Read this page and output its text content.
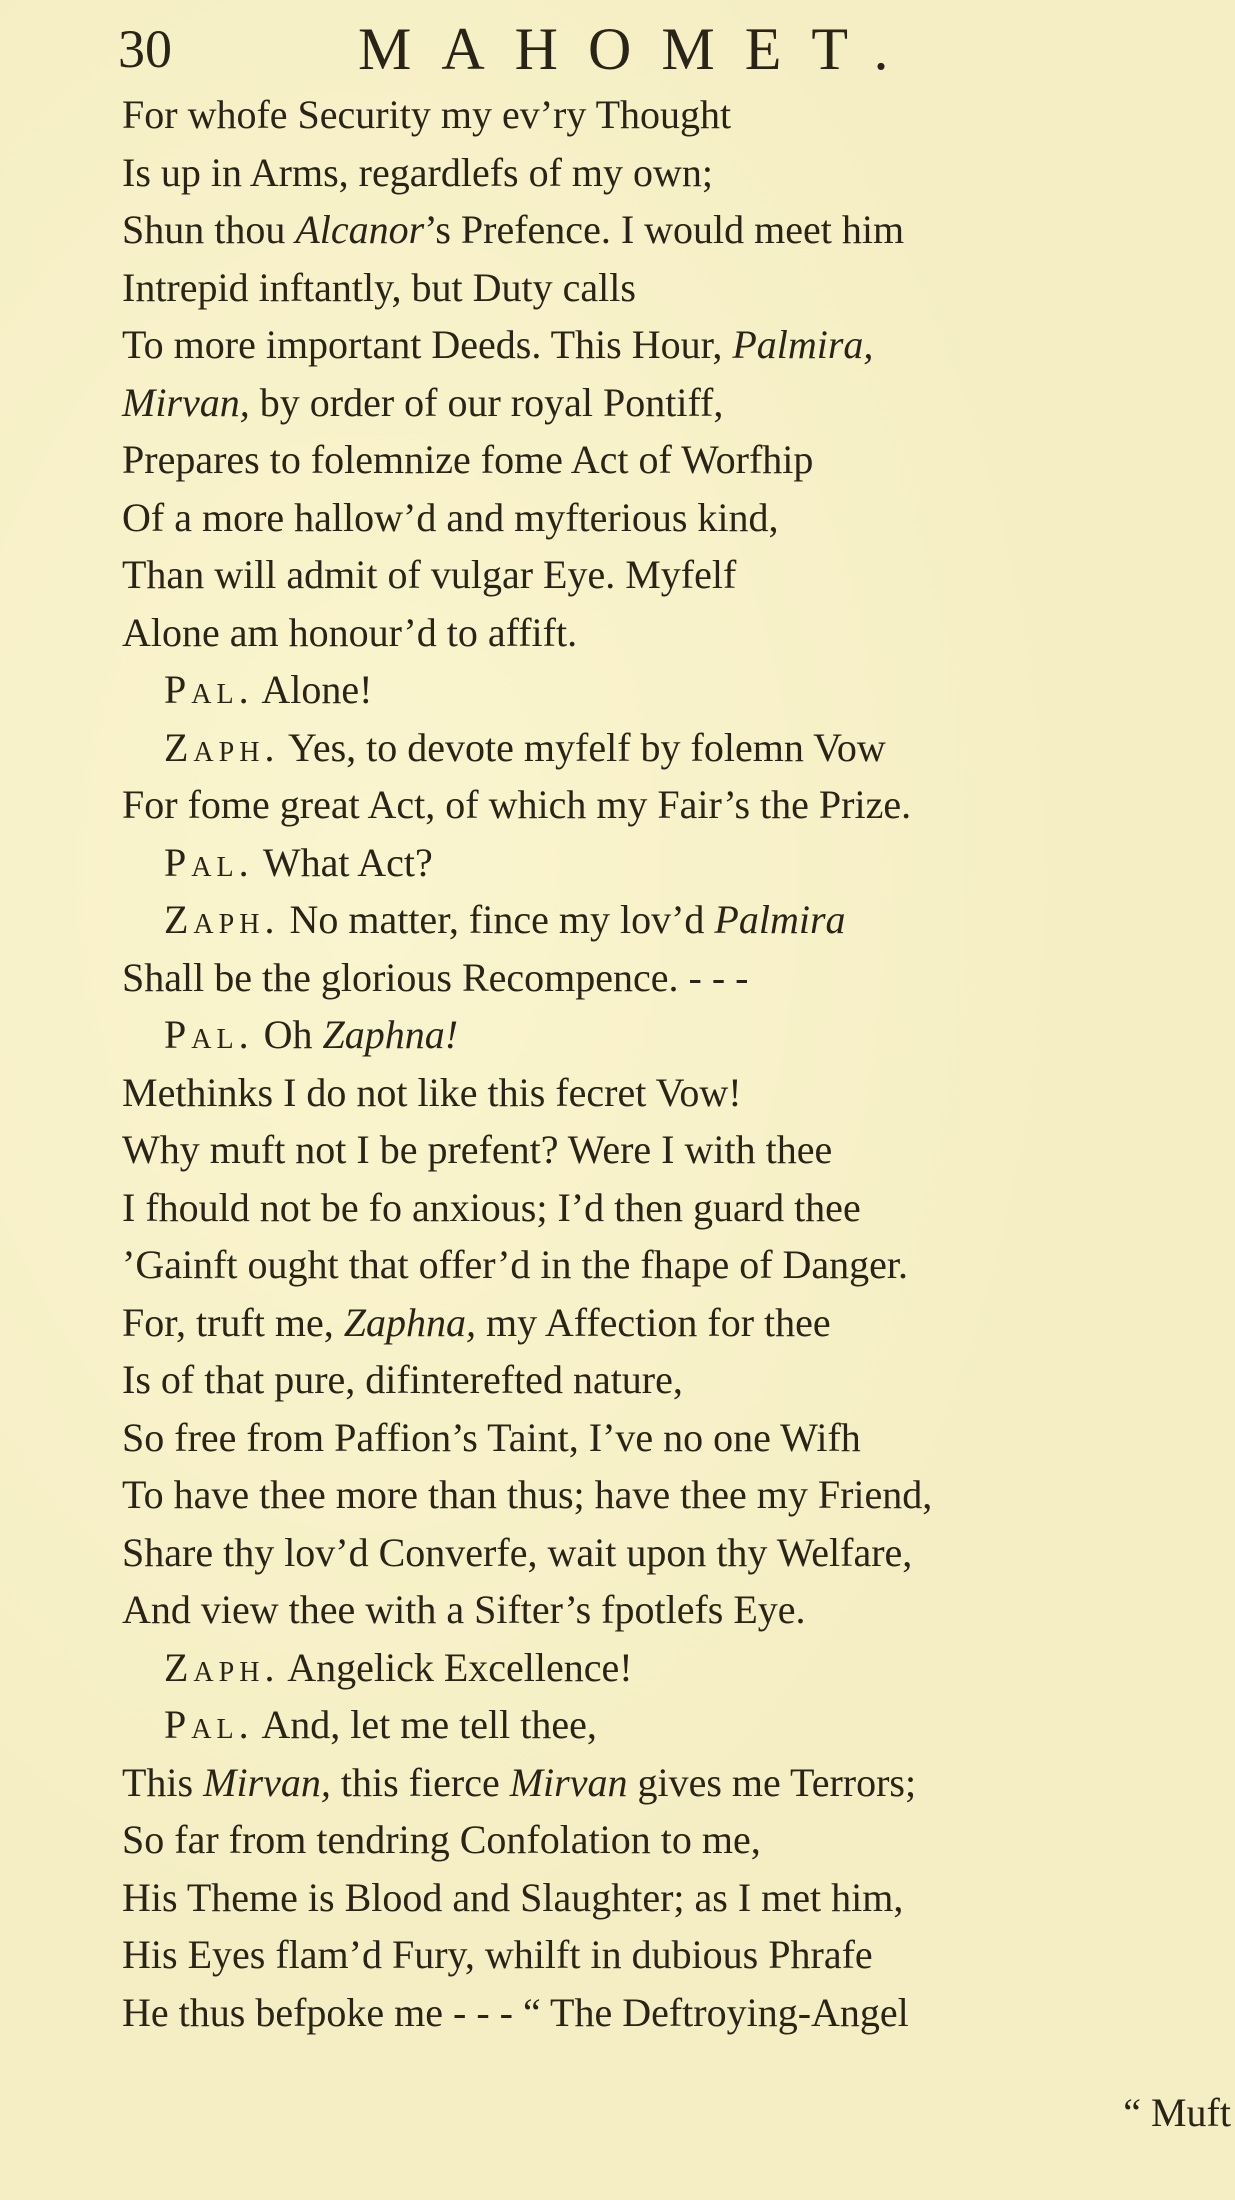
30	MAHOMET.
For whofe Security my ev’ry Thought
Is up in Arms, regardlefs of my own;
Shun thou Alcanor’s Prefence. I would meet him
Intrepid inftantly, but Duty calls
To more important Deeds. This Hour, Palmira,
Mirvan, by order of our royal Pontiff,
Prepares to folemnize fome Act of Worfhip
Of a more hallow’d and myfterious kind,
Than will admit of vulgar Eye. Myfelf
Alone am honour’d to affift.
Pal. Alone!
Zaph. Yes, to devote myfelf by folemn Vow
For fome great Act, of which my Fair’s the Prize.
Pal. What Act?
Zaph. No matter, fince my lov’d Palmira
Shall be the glorious Recompence. - - -
Pal. Oh Zaphna!
Methinks I do not like this fecret Vow!
Why muft not I be prefent? Were I with thee
I fhould not be fo anxious; I’d then guard thee
’Gainft ought that offer’d in the fhape of Danger.
For, truft me, Zaphna, my Affection for thee
Is of that pure, difinterefted nature,
So free from Paffion’s Taint, I’ve no one Wifh
To have thee more than thus; have thee my Friend,
Share thy lov’d Converfe, wait upon thy Welfare,
And view thee with a Sifter’s fpotlefs Eye.
Zaph. Angelick Excellence!
Pal. And, let me tell thee,
This Mirvan, this fierce Mirvan gives me Terrors;
So far from tendring Confolation to me,
His Theme is Blood and Slaughter; as I met him,
His Eyes flam’d Fury, whilft in dubious Phrafe
He thus befpoke me - - - “ The Deftroying-Angel
“ Muft
